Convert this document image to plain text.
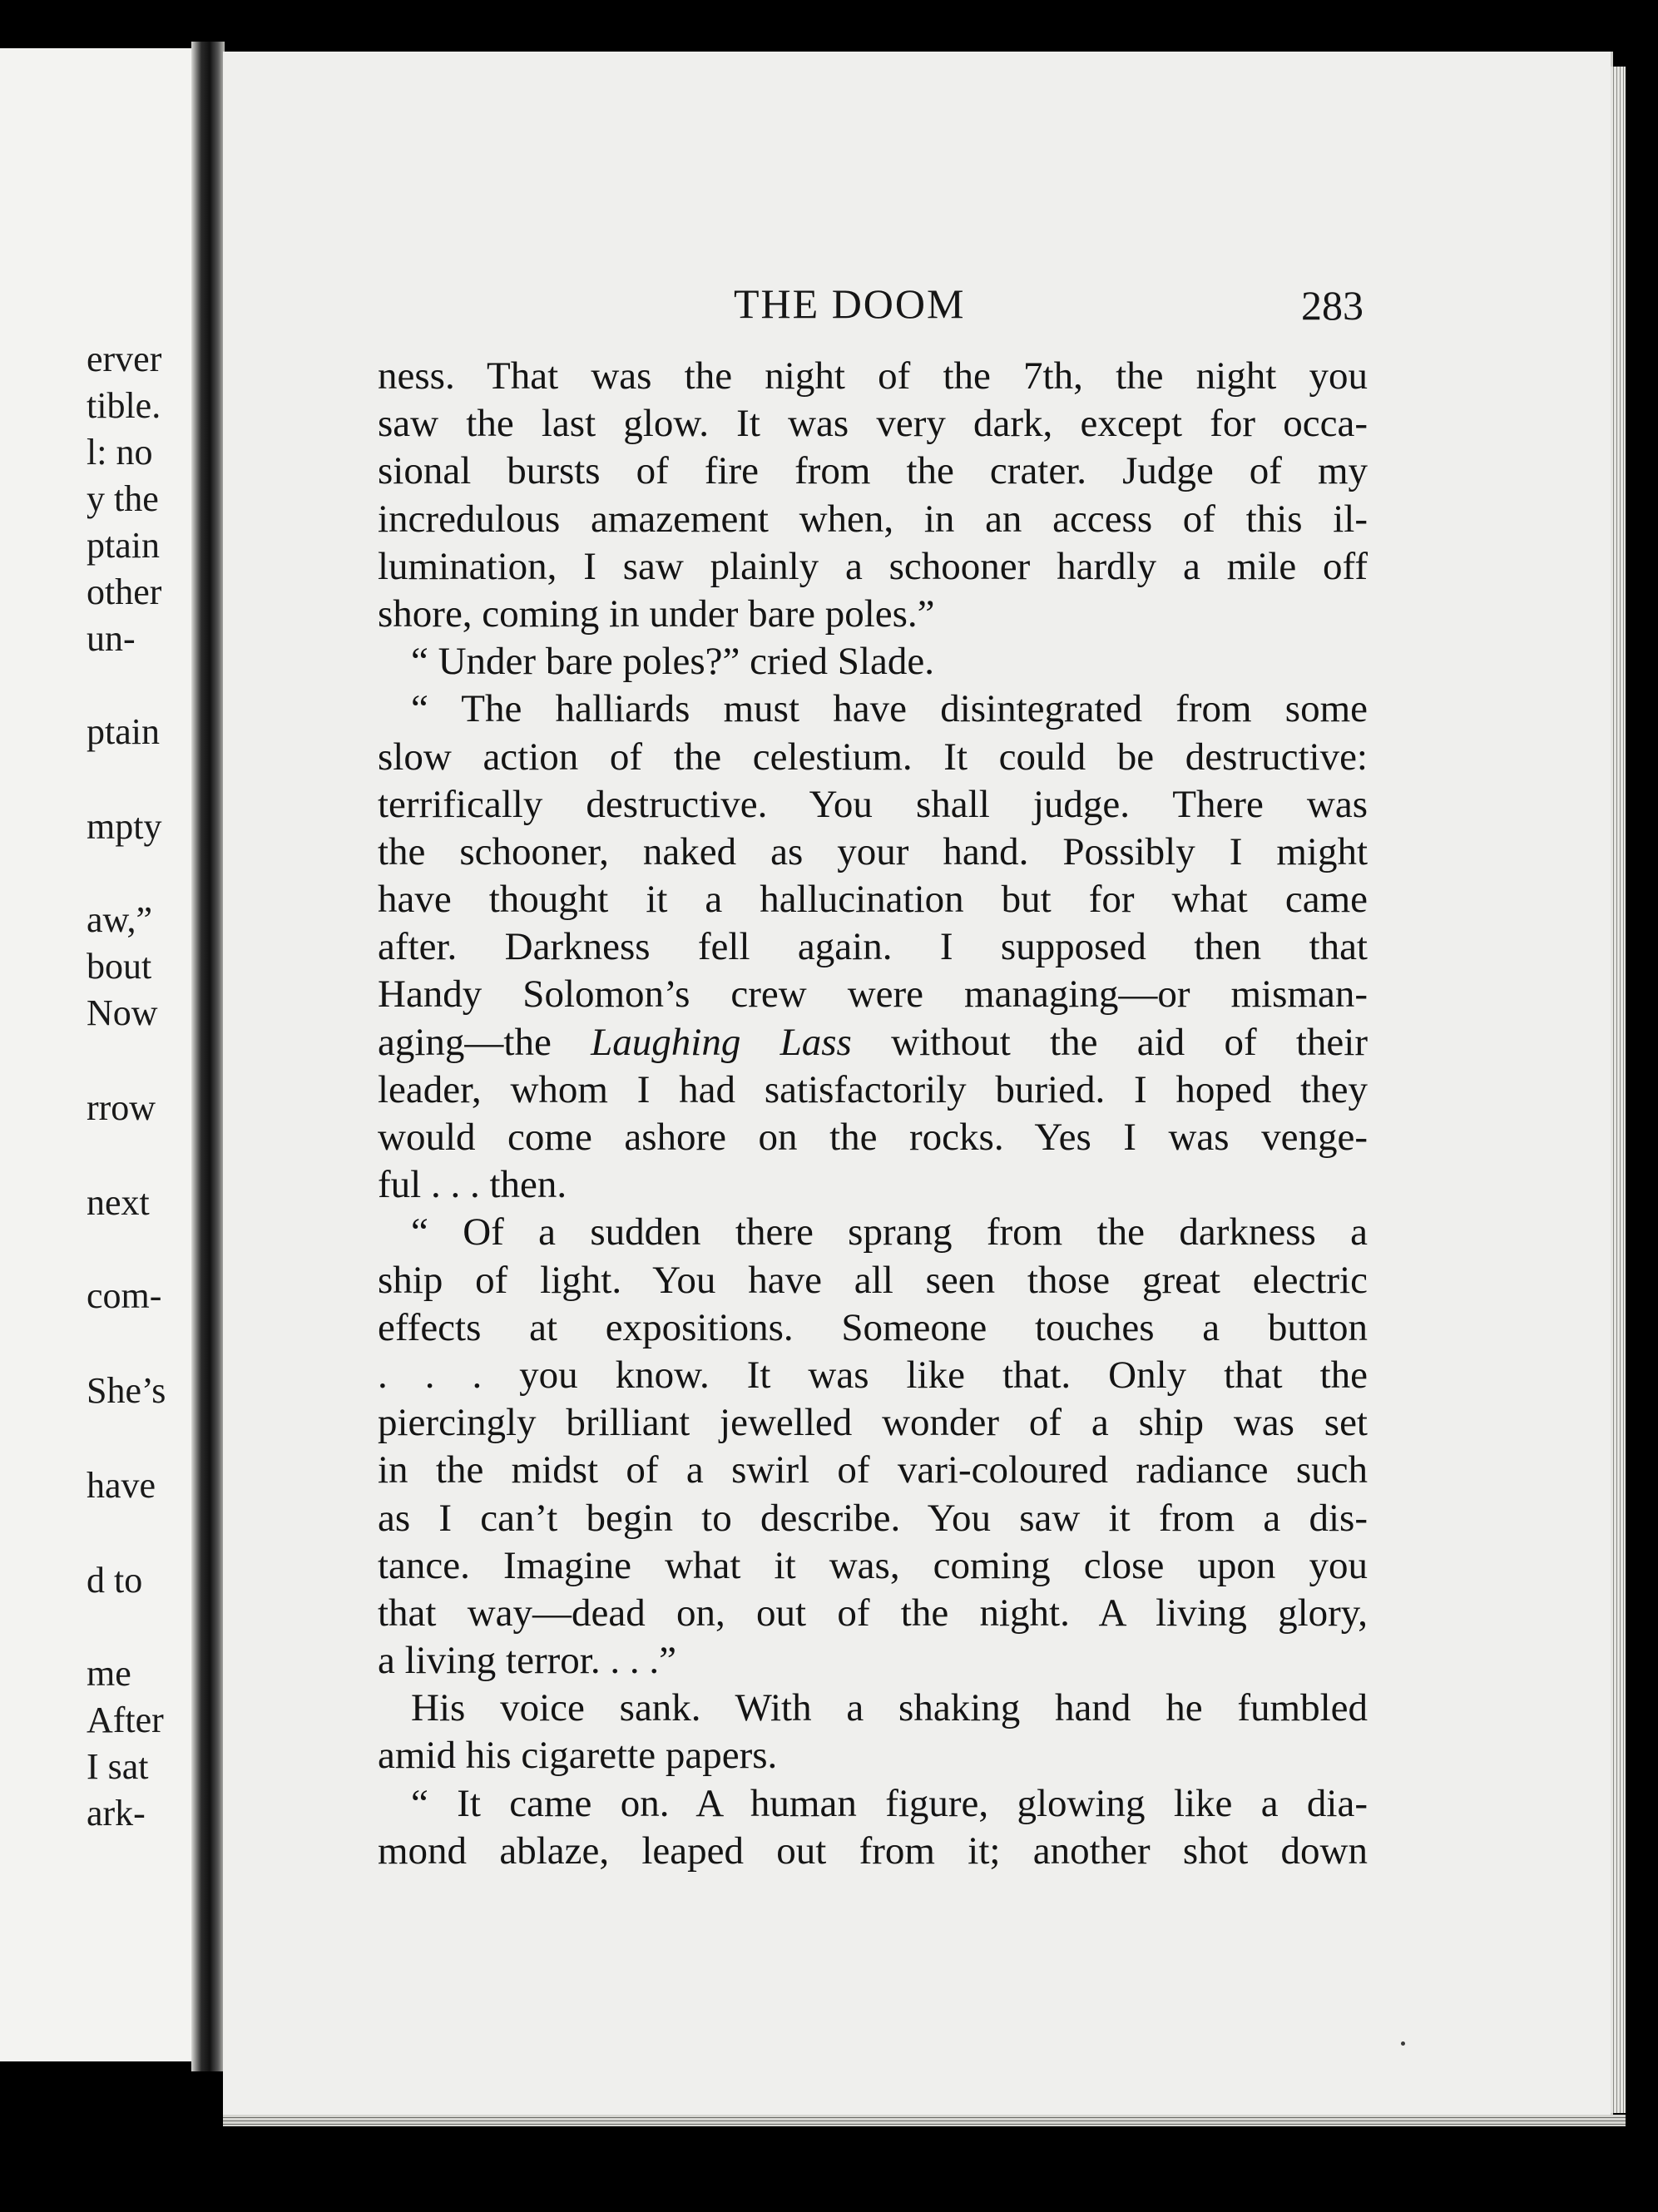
erver
tible.
l: no
y the
ptain
other
un-
ptain
mpty
aw,”
bout
Now
rrow
next
com-
She’s
have
d to
me
After
I sat
ark-
THE DOOM	283
ness. That was the night of the 7th, the night you
saw the last glow. It was very dark, except for occa-
sional bursts of fire from the crater. Judge of my
incredulous amazement when, in an access of this il-
lumination, I saw plainly a schooner hardly a mile off
shore, coming in under bare poles.”
“ Under bare poles?” cried Slade.
“ The halliards must have disintegrated from some
slow action of the celestium. It could be destructive:
terrifically destructive. You shall judge. There was
the schooner, naked as your hand. Possibly I might
have thought it a hallucination but for what came
after. Darkness fell again. I supposed then that
Handy Solomon’s crew were managing—or misman-
aging—the Laughing Lass without the aid of their
leader, whom I had satisfactorily buried. I hoped they
would come ashore on the rocks. Yes I was venge-
ful . . . then.
“ Of a sudden there sprang from the darkness a
ship of light. You have all seen those great electric
effects at expositions. Someone touches a button
. . . you know. It was like that. Only that the
piercingly brilliant jewelled wonder of a ship was set
in the midst of a swirl of vari-coloured radiance such
as I can’t begin to describe. You saw it from a dis-
tance. Imagine what it was, coming close upon you
that way—dead on, out of the night. A living glory,
a living terror. . . .”
His voice sank. With a shaking hand he fumbled
amid his cigarette papers.
“ It came on. A human figure, glowing like a dia-
mond ablaze, leaped out from it; another shot down
